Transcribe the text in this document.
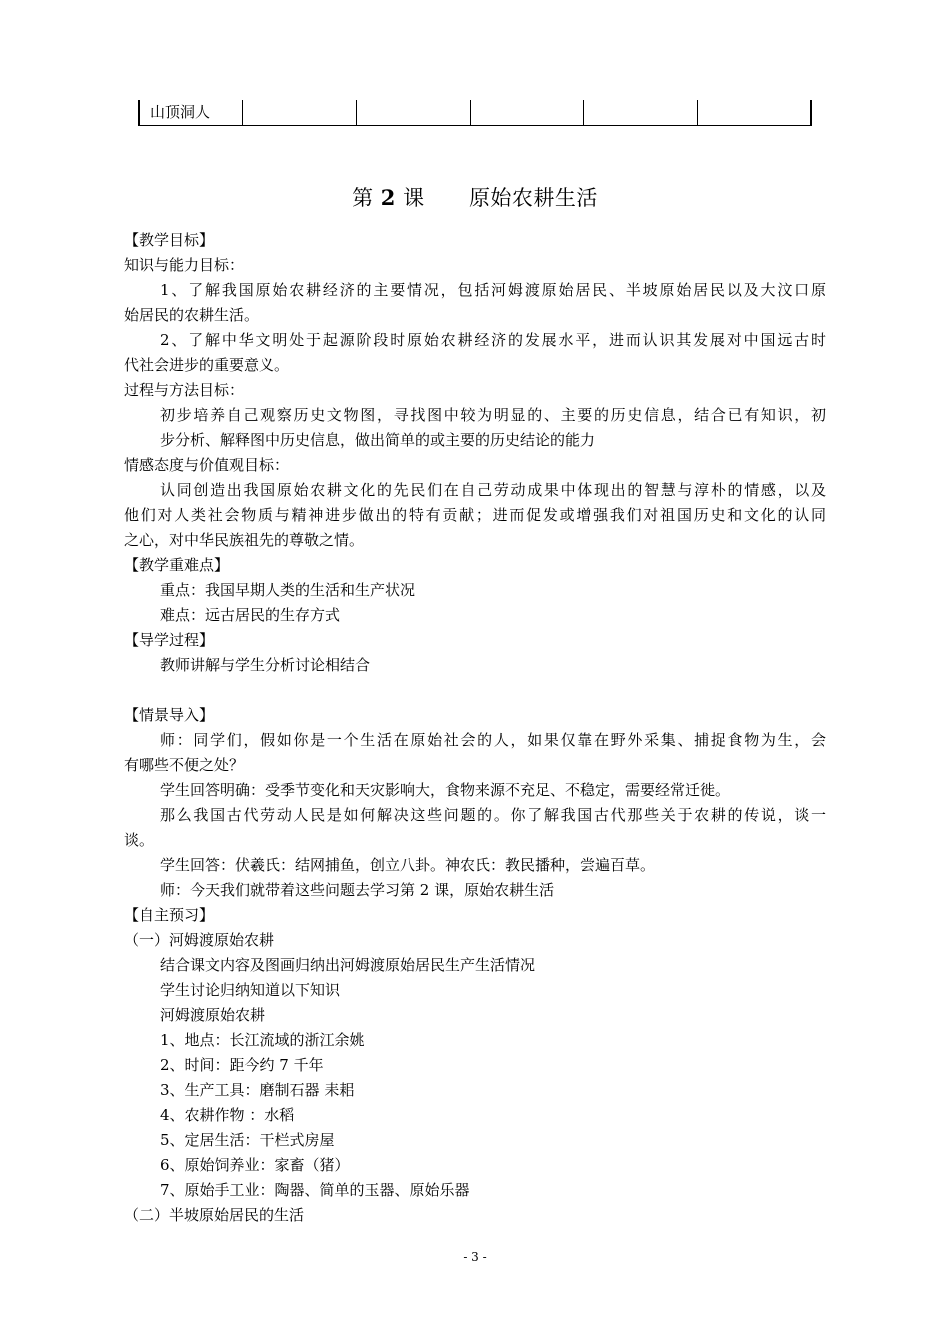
山顶洞人
第 2 课 原始农耕生活
【教学目标】
知识与能力目标：
1、了解我国原始农耕经济的主要情况，包括河姆渡原始居民、半坡原始居民以及大汶口原
始居民的农耕生活。
2、了解中华文明处于起源阶段时原始农耕经济的发展水平，进而认识其发展对中国远古时
代社会进步的重要意义。
过程与方法目标：
初步培养自己观察历史文物图，寻找图中较为明显的、主要的历史信息，结合已有知识，初
步分析、解释图中历史信息，做出简单的或主要的历史结论的能力
情感态度与价值观目标：
认同创造出我国原始农耕文化的先民们在自己劳动成果中体现出的智慧与淳朴的情感，以及
他们对人类社会物质与精神进步做出的特有贡献；进而促发或增强我们对祖国历史和文化的认同
之心，对中华民族祖先的尊敬之情。
【教学重难点】
重点：我国早期人类的生活和生产状况
难点：远古居民的生存方式
【导学过程】
教师讲解与学生分析讨论相结合
【情景导入】
师：同学们，假如你是一个生活在原始社会的人，如果仅靠在野外采集、捕捉食物为生，会
有哪些不便之处？
学生回答明确：受季节变化和天灾影响大，食物来源不充足、不稳定，需要经常迁徙。
那么我国古代劳动人民是如何解决这些问题的。你了解我国古代那些关于农耕的传说，谈一
谈。
学生回答：伏羲氏：结网捕鱼，创立八卦。神农氏：教民播种，尝遍百草。
师：今天我们就带着这些问题去学习第 2 课，原始农耕生活
【自主预习】
（一）河姆渡原始农耕
结合课文内容及图画归纳出河姆渡原始居民生产生活情况
学生讨论归纳知道以下知识
河姆渡原始农耕
1、地点：长江流域的浙江余姚
2、时间：距今约 7 千年
3、生产工具：磨制石器 耒耜
4、农耕作物 ：水稻
5、定居生活：干栏式房屋
6、原始饲养业：家畜（猪）
7、原始手工业：陶器、简单的玉器、原始乐器
（二）半坡原始居民的生活
- 3 -
